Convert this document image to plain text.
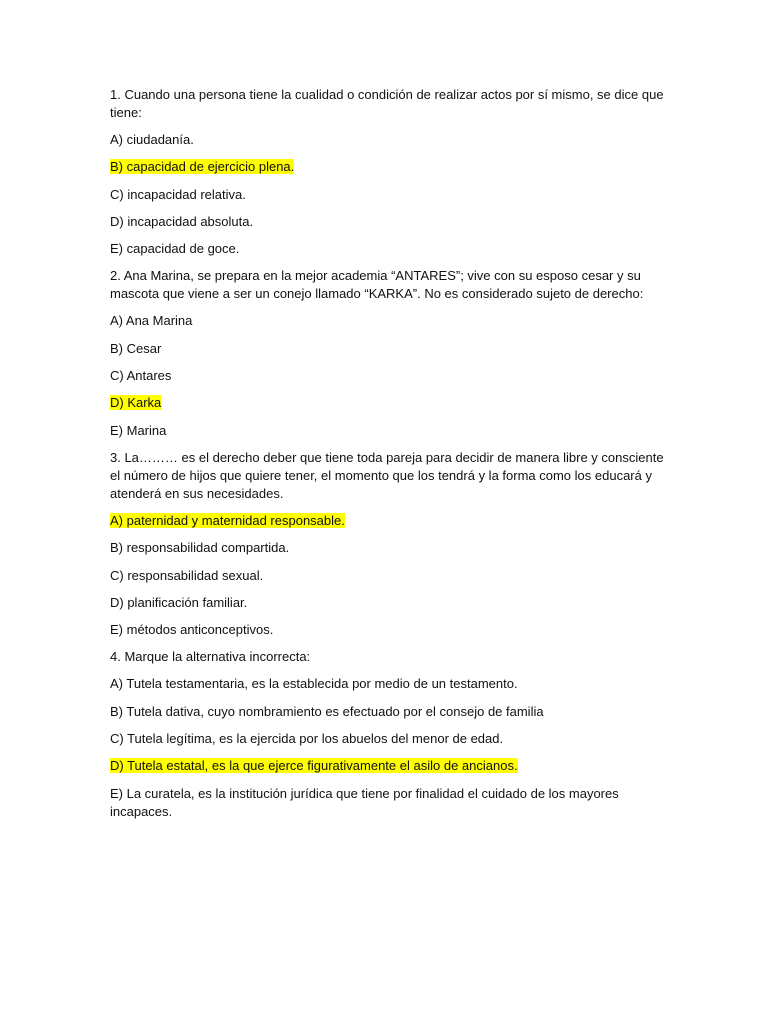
1. Cuando una persona tiene la cualidad o condición de realizar actos por sí mismo, se dice que tiene:

A) ciudadanía.

B) capacidad de ejercicio plena.

C) incapacidad relativa.

D) incapacidad absoluta.

E) capacidad de goce.

2. Ana Marina, se prepara en la mejor academia “ANTARES”; vive con su esposo cesar y su mascota que viene a ser un conejo llamado “KARKA”. No es considerado sujeto de derecho:

A) Ana Marina

B) Cesar

C) Antares

D) Karka

E) Marina

3. La……… es el derecho deber que tiene toda pareja para decidir de manera libre y consciente el número de hijos que quiere tener, el momento que los tendrá y la forma como los educará y atenderá en sus necesidades.

A) paternidad y maternidad responsable.

B) responsabilidad compartida.

C) responsabilidad sexual.

D) planificación familiar.

E) métodos anticonceptivos.

4. Marque la alternativa incorrecta:

A) Tutela testamentaria, es la establecida por medio de un testamento.

B) Tutela dativa, cuyo nombramiento es efectuado por el consejo de familia

C) Tutela legítima, es la ejercida por los abuelos del menor de edad.

D) Tutela estatal, es la que ejerce figurativamente el asilo de ancianos.

E) La curatela, es la institución jurídica que tiene por finalidad el cuidado de los mayores incapaces.
